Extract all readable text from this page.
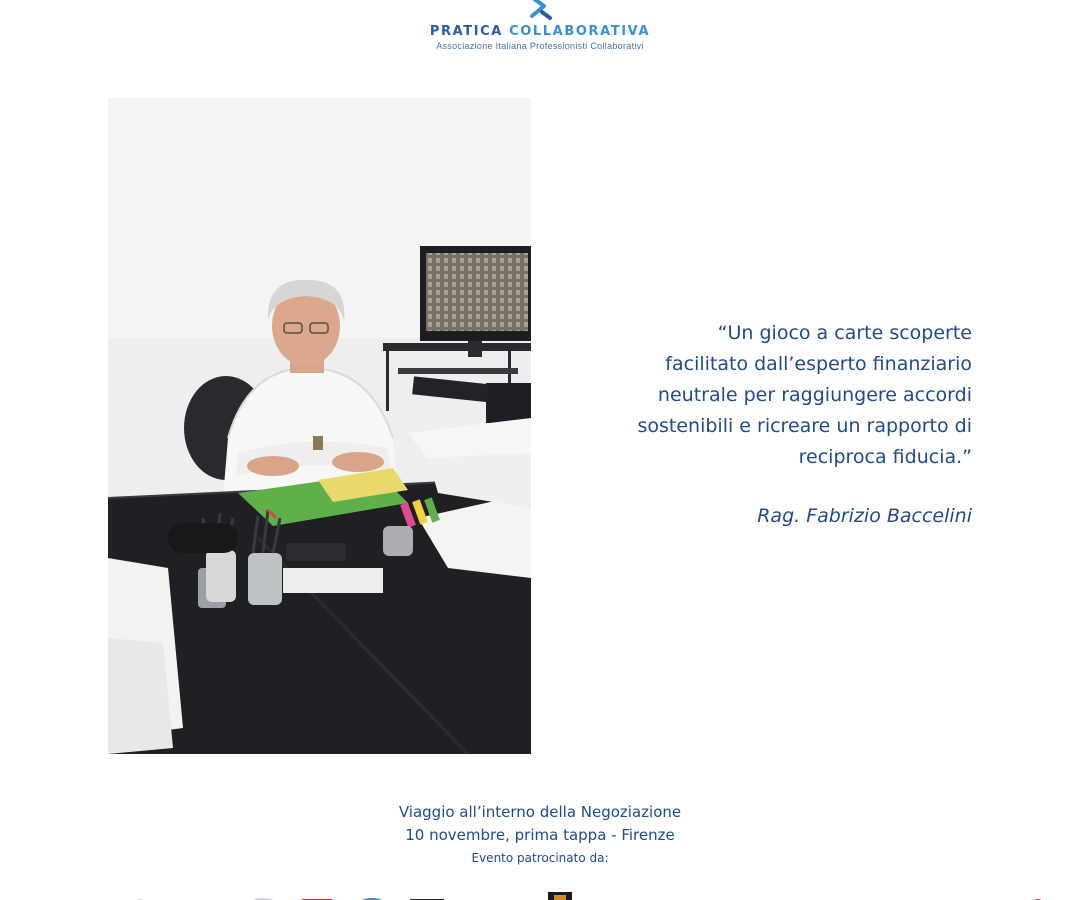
PRATICA COLLABORATIVA
Associazione Italiana Professionisti Collaborativi
“Un gioco a carte scoperte
facilitato dall’esperto finanziario
neutrale per raggiungere accordi
sostenibili e ricreare un rapporto di
reciproca fiducia.”
Rag. Fabrizio Baccelini
Viaggio all’interno della Negoziazione
10 novembre, prima tappa - Firenze
Evento patrocinato da:
